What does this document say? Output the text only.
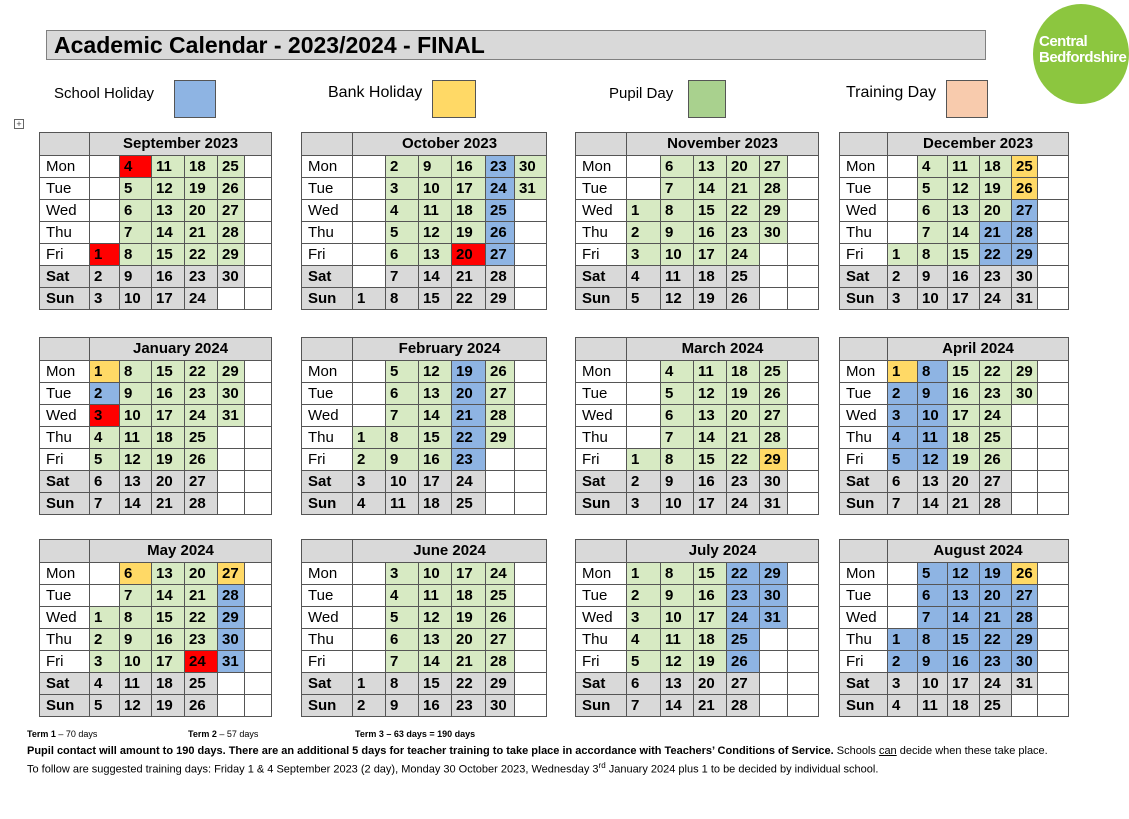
Academic Calendar - 2023/2024 - FINAL	Central
Bedfordshire
School Holiday	Bank Holiday	Pupil Day	Training Day
+
	September 2023					
Mon		4	11	18	25	
Tue		5	12	19	26	
Wed		6	13	20	27	
Thu		7	14	21	28	
Fri	1	8	15	22	29	
Sat	2	9	16	23	30	
Sun	3	10	17	24		
	October 2023					
Mon		2	9	16	23	30
Tue		3	10	17	24	31
Wed		4	11	18	25	
Thu		5	12	19	26	
Fri		6	13	20	27	
Sat		7	14	21	28	
Sun	1	8	15	22	29	
	November 2023					
Mon		6	13	20	27	
Tue		7	14	21	28	
Wed	1	8	15	22	29	
Thu	2	9	16	23	30	
Fri	3	10	17	24		
Sat	4	11	18	25		
Sun	5	12	19	26		
	December 2023					
Mon		4	11	18	25	
Tue		5	12	19	26	
Wed		6	13	20	27	
Thu		7	14	21	28	
Fri	1	8	15	22	29	
Sat	2	9	16	23	30	
Sun	3	10	17	24	31	
	January 2024					
Mon	1	8	15	22	29	
Tue	2	9	16	23	30	
Wed	3	10	17	24	31	
Thu	4	11	18	25		
Fri	5	12	19	26		
Sat	6	13	20	27		
Sun	7	14	21	28		
	February 2024					
Mon		5	12	19	26	
Tue		6	13	20	27	
Wed		7	14	21	28	
Thu	1	8	15	22	29	
Fri	2	9	16	23		
Sat	3	10	17	24		
Sun	4	11	18	25		
	March 2024					
Mon		4	11	18	25	
Tue		5	12	19	26	
Wed		6	13	20	27	
Thu		7	14	21	28	
Fri	1	8	15	22	29	
Sat	2	9	16	23	30	
Sun	3	10	17	24	31	
	April 2024					
Mon	1	8	15	22	29	
Tue	2	9	16	23	30	
Wed	3	10	17	24		
Thu	4	11	18	25		
Fri	5	12	19	26		
Sat	6	13	20	27		
Sun	7	14	21	28		
	May 2024					
Mon		6	13	20	27	
Tue		7	14	21	28	
Wed	1	8	15	22	29	
Thu	2	9	16	23	30	
Fri	3	10	17	24	31	
Sat	4	11	18	25		
Sun	5	12	19	26		
	June 2024					
Mon		3	10	17	24	
Tue		4	11	18	25	
Wed		5	12	19	26	
Thu		6	13	20	27	
Fri		7	14	21	28	
Sat	1	8	15	22	29	
Sun	2	9	16	23	30	
	July 2024					
Mon	1	8	15	22	29	
Tue	2	9	16	23	30	
Wed	3	10	17	24	31	
Thu	4	11	18	25		
Fri	5	12	19	26		
Sat	6	13	20	27		
Sun	7	14	21	28		
	August 2024					
Mon		5	12	19	26	
Tue		6	13	20	27	
Wed		7	14	21	28	
Thu	1	8	15	22	29	
Fri	2	9	16	23	30	
Sat	3	10	17	24	31	
Sun	4	11	18	25		
Term 1 – 70 days	Term 2 – 57 days	Term 3 – 63 days = 190 days
Pupil contact will amount to 190 days. There are an additional 5 days for teacher training to take place in accordance with Teachers’ Conditions of Service. Schools can decide when these take place.
To follow are suggested training days: Friday 1 & 4 September 2023 (2 day), Monday 30 October 2023, Wednesday 3rd January 2024 plus 1 to be decided by individual school.
